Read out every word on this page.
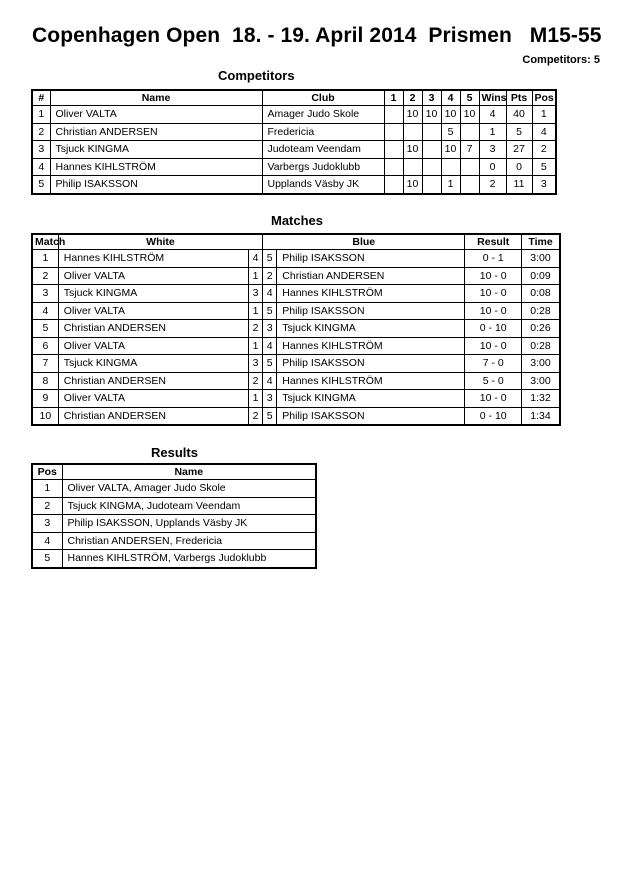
Copenhagen Open  18. - 19. April 2014  Prismen   M15-55
Competitors: 5
Competitors
#	Name	Club	1	2	3	4	5	Wins	Pts	Pos
1	Oliver VALTA	Amager Judo Skole		10	10	10	10	4	40	1
2	Christian ANDERSEN	Fredericia				5		1	5	4
3	Tsjuck KINGMA	Judoteam Veendam		10		10	7	3	27	2
4	Hannes KIHLSTRÖM	Varbergs Judoklubb						0	0	5
5	Philip ISAKSSON	Upplands Väsby JK		10		1		2	11	3
Matches
Match	White		Blue		Result	Time
1	Hannes KIHLSTRÖM	4	5	Philip ISAKSSON	0 - 1	3:00
2	Oliver VALTA	1	2	Christian ANDERSEN	10 - 0	0:09
3	Tsjuck KINGMA	3	4	Hannes KIHLSTRÖM	10 - 0	0:08
4	Oliver VALTA	1	5	Philip ISAKSSON	10 - 0	0:28
5	Christian ANDERSEN	2	3	Tsjuck KINGMA	0 - 10	0:26
6	Oliver VALTA	1	4	Hannes KIHLSTRÖM	10 - 0	0:28
7	Tsjuck KINGMA	3	5	Philip ISAKSSON	7 - 0	3:00
8	Christian ANDERSEN	2	4	Hannes KIHLSTRÖM	5 - 0	3:00
9	Oliver VALTA	1	3	Tsjuck KINGMA	10 - 0	1:32
10	Christian ANDERSEN	2	5	Philip ISAKSSON	0 - 10	1:34
Results
Pos	Name
1	Oliver VALTA, Amager Judo Skole
2	Tsjuck KINGMA, Judoteam Veendam
3	Philip ISAKSSON, Upplands Väsby JK
4	Christian ANDERSEN, Fredericia
5	Hannes KIHLSTRÖM, Varbergs Judoklubb
